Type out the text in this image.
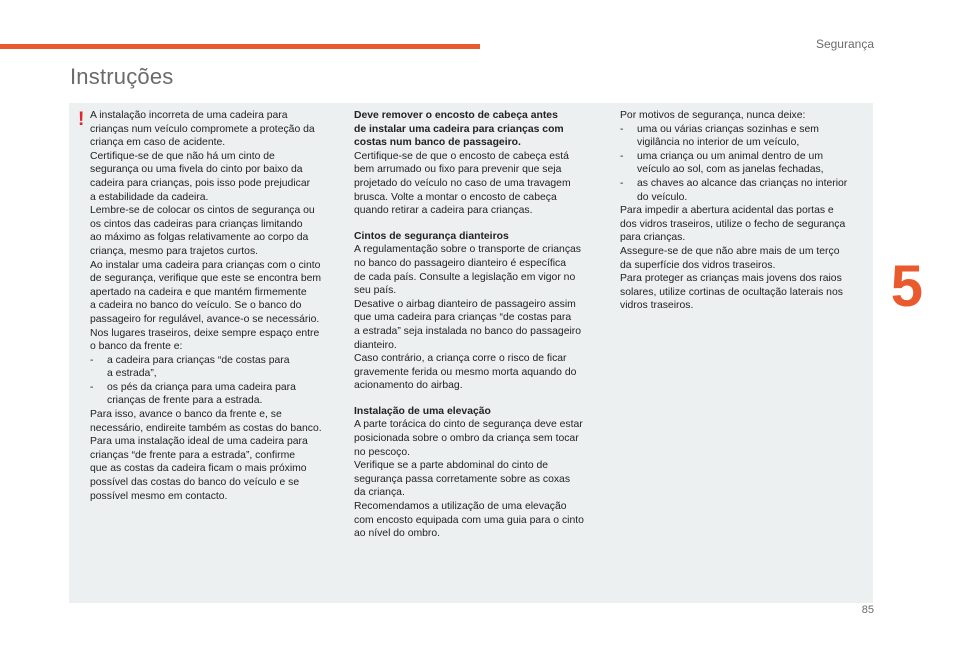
Segurança
Instruções
5
85
! A instalação incorreta de uma cadeira para
crianças num veículo compromete a proteção da
criança em caso de acidente.
Certifique-se de que não há um cinto de
segurança ou uma fivela do cinto por baixo da
cadeira para crianças, pois isso pode prejudicar
a estabilidade da cadeira.
Lembre-se de colocar os cintos de segurança ou
os cintos das cadeiras para crianças limitando
ao máximo as folgas relativamente ao corpo da
criança, mesmo para trajetos curtos.
Ao instalar uma cadeira para crianças com o cinto
de segurança, verifique que este se encontra bem
apertado na cadeira e que mantém firmemente
a cadeira no banco do veículo. Se o banco do
passageiro for regulável, avance-o se necessário.
Nos lugares traseiros, deixe sempre espaço entre
o banco da frente e:
- a cadeira para crianças “de costas para
a estrada”,
- os pés da criança para uma cadeira para
crianças de frente para a estrada.
Para isso, avance o banco da frente e, se
necessário, endireite também as costas do banco.
Para uma instalação ideal de uma cadeira para
crianças “de frente para a estrada”, confirme
que as costas da cadeira ficam o mais próximo
possível das costas do banco do veículo e se
possível mesmo em contacto.
Deve remover o encosto de cabeça antes
de instalar uma cadeira para crianças com
costas num banco de passageiro.
Certifique-se de que o encosto de cabeça está
bem arrumado ou fixo para prevenir que seja
projetado do veículo no caso de uma travagem
brusca. Volte a montar o encosto de cabeça
quando retirar a cadeira para crianças.
Cintos de segurança dianteiros
A regulamentação sobre o transporte de crianças
no banco do passageiro dianteiro é específica
de cada país. Consulte a legislação em vigor no
seu país.
Desative o airbag dianteiro de passageiro assim
que uma cadeira para crianças “de costas para
a estrada” seja instalada no banco do passageiro
dianteiro.
Caso contrário, a criança corre o risco de ficar
gravemente ferida ou mesmo morta aquando do
acionamento do airbag.
Instalação de uma elevação
A parte torácica do cinto de segurança deve estar
posicionada sobre o ombro da criança sem tocar
no pescoço.
Verifique se a parte abdominal do cinto de
segurança passa corretamente sobre as coxas
da criança.
Recomendamos a utilização de uma elevação
com encosto equipada com uma guia para o cinto
ao nível do ombro.
Por motivos de segurança, nunca deixe:
- uma ou várias crianças sozinhas e sem
vigilância no interior de um veículo,
- uma criança ou um animal dentro de um
veículo ao sol, com as janelas fechadas,
- as chaves ao alcance das crianças no interior
do veículo.
Para impedir a abertura acidental das portas e
dos vidros traseiros, utilize o fecho de segurança
para crianças.
Assegure-se de que não abre mais de um terço
da superfície dos vidros traseiros.
Para proteger as crianças mais jovens dos raios
solares, utilize cortinas de ocultação laterais nos
vidros traseiros.
